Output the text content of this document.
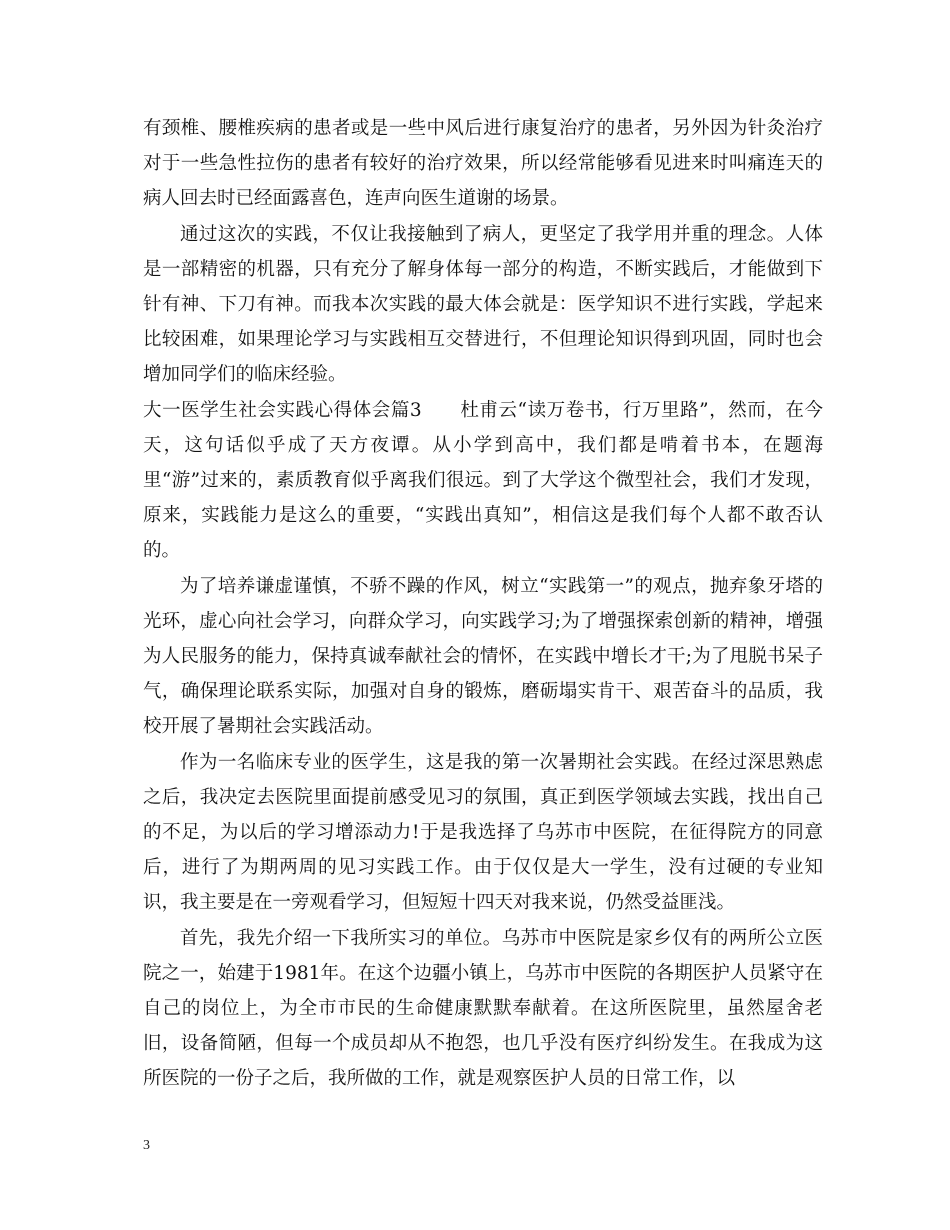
有颈椎、腰椎疾病的患者或是一些中风后进行康复治疗的患者，另外因为针灸治疗对于一些急性拉伤的患者有较好的治疗效果，所以经常能够看见进来时叫痛连天的病人回去时已经面露喜色，连声向医生道谢的场景。

通过这次的实践，不仅让我接触到了病人，更坚定了我学用并重的理念。人体是一部精密的机器，只有充分了解身体每一部分的构造，不断实践后，才能做到下针有神、下刀有神。而我本次实践的最大体会就是：医学知识不进行实践，学起来比较困难，如果理论学习与实践相互交替进行，不但理论知识得到巩固，同时也会增加同学们的临床经验。

大一医学生社会实践心得体会篇3　　杜甫云“读万卷书，行万里路”，然而，在今天，这句话似乎成了天方夜谭。从小学到高中，我们都是啃着书本，在题海里“游”过来的，素质教育似乎离我们很远。到了大学这个微型社会，我们才发现，原来，实践能力是这么的重要，“实践出真知”，相信这是我们每个人都不敢否认的。

为了培养谦虚谨慎，不骄不躁的作风，树立“实践第一”的观点，抛弃象牙塔的光环，虚心向社会学习，向群众学习，向实践学习;为了增强探索创新的精神，增强为人民服务的能力，保持真诚奉献社会的情怀，在实践中增长才干;为了甩脱书呆子气，确保理论联系实际，加强对自身的锻炼，磨砺塌实肯干、艰苦奋斗的品质，我校开展了暑期社会实践活动。

作为一名临床专业的医学生，这是我的第一次暑期社会实践。在经过深思熟虑之后，我决定去医院里面提前感受见习的氛围，真正到医学领域去实践，找出自己的不足，为以后的学习增添动力!于是我选择了乌苏市中医院，在征得院方的同意后，进行了为期两周的见习实践工作。由于仅仅是大一学生，没有过硬的专业知识，我主要是在一旁观看学习，但短短十四天对我来说，仍然受益匪浅。

首先，我先介绍一下我所实习的单位。乌苏市中医院是家乡仅有的两所公立医院之一，始建于1981年。在这个边疆小镇上，乌苏市中医院的各期医护人员紧守在自己的岗位上，为全市市民的生命健康默默奉献着。在这所医院里，虽然屋舍老旧，设备简陋，但每一个成员却从不抱怨，也几乎没有医疗纠纷发生。在我成为这所医院的一份子之后，我所做的工作，就是观察医护人员的日常工作，以

3
